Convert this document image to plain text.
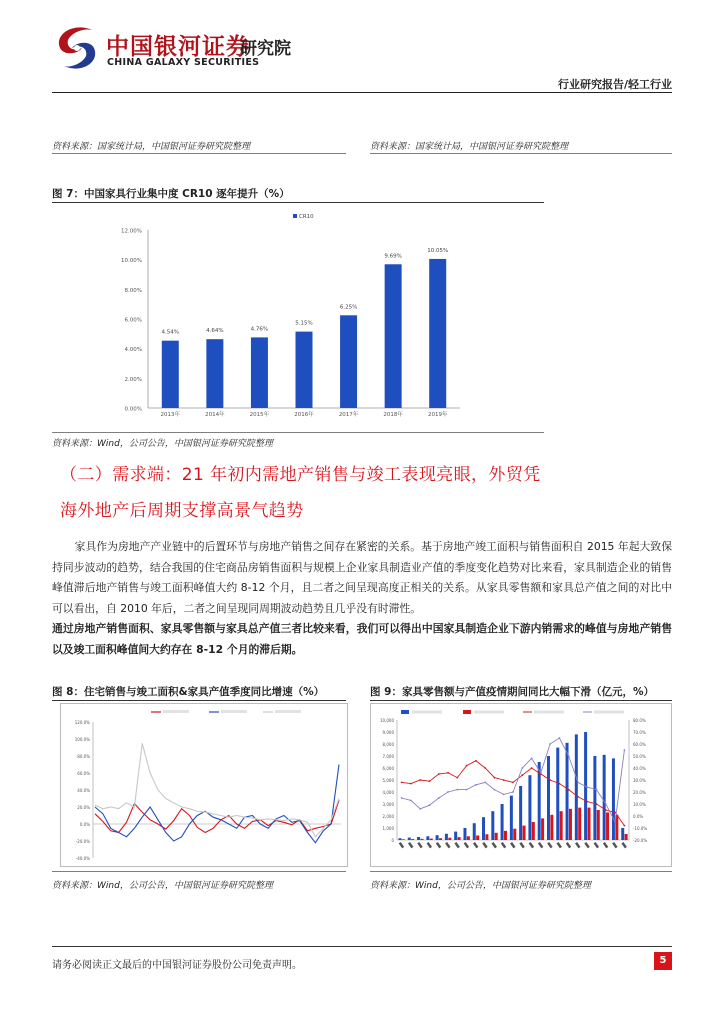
中国银河证券
CHINA GALAXY SECURITIES
研究院
行业研究报告/轻工行业
资料来源：国家统计局，中国银河证券研究院整理	资料来源：国家统计局，中国银河证券研究院整理
图 7：中国家具行业集中度 CR10 逐年提升（%）
12.00%
10.00%
8.00%
6.00%
4.00%
2.00%
0.00%
4.54%
2013年
4.64%
2014年
4.76%
2015年
5.15%
2016年
6.25%
2017年
9.69%
2018年
10.05%
2019年
CR10
资料来源：Wind，公司公告，中国银河证券研究院整理
（二）需求端：21 年初内需地产销售与竣工表现亮眼，外贸凭
海外地产后周期支撑高景气趋势

家具作为房地产产业链中的后置环节与房地产销售之间存在紧密的关系。基于房地产竣工面积与销售面积自 2015 年起大致保持同步波动的趋势，结合我国的住宅商品房销售面积与规模上企业家具制造业产值的季度变化趋势对比来看，家具制造企业的销售峰值滞后地产销售与竣工面积峰值大约 8-12 个月，且二者之间呈现高度正相关的关系。从家具零售额和家具总产值之间的对比中可以看出，自 2010 年后，二者之间呈现同周期波动趋势且几乎没有时滞性。

通过房地产销售面积、家具零售额与家具总产值三者比较来看，我们可以得出中国家具制造企业下游内销需求的峰值与房地产销售以及竣工面积峰值间大约存在 8-12 个月的滞后期。

图 8：住宅销售与竣工面积&家具产值季度同比增速（%）
120.0%
100.0%
80.0%
60.0%
40.0%
20.0%
0.0%
-20.0%
-40.0%
资料来源：Wind，公司公告，中国银河证券研究院整理
图 9：家具零售额与产值疫情期间同比大幅下滑（亿元，%）
10,000
9,000
8,000
7,000
6,000
5,000
4,000
3,000
2,000
1,000
0
80.0%
70.0%
60.0%
50.0%
40.0%
30.0%
20.0%
10.0%
0.0%
-10.0%
-20.0%
资料来源：Wind，公司公告，中国银河证券研究院整理
请务必阅读正文最后的中国银河证券股份公司免责声明。	5
